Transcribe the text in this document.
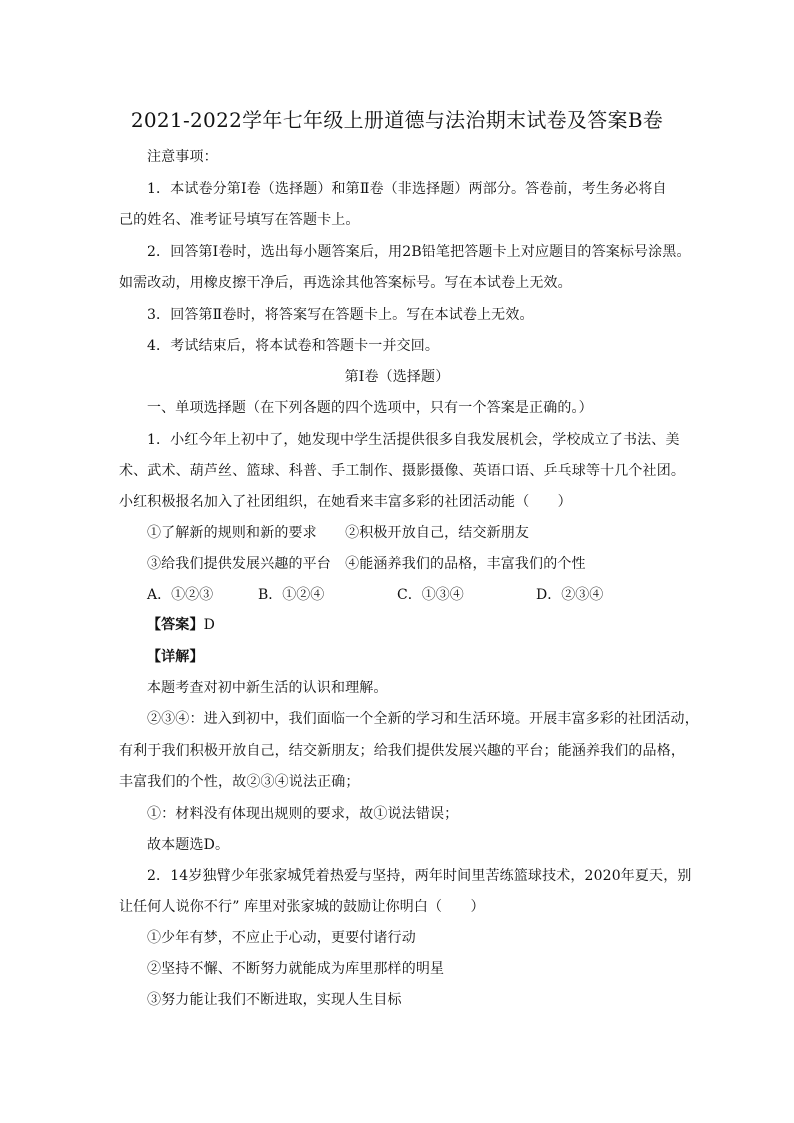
2021-2022学年七年级上册道德与法治期末试卷及答案B卷
注意事项：
1．本试卷分第Ⅰ卷（选择题）和第Ⅱ卷（非选择题）两部分。答卷前，考生务必将自
己的姓名、准考证号填写在答题卡上。
2．回答第Ⅰ卷时，选出每小题答案后，用2B铅笔把答题卡上对应题目的答案标号涂黑。
如需改动，用橡皮擦干净后，再选涂其他答案标号。写在本试卷上无效。
3．回答第Ⅱ卷时，将答案写在答题卡上。写在本试卷上无效。
4．考试结束后，将本试卷和答题卡一并交回。
第Ⅰ卷（选择题）
一、单项选择题（在下列各题的四个选项中，只有一个答案是正确的。）
1．小红今年上初中了，她发现中学生活提供很多自我发展机会，学校成立了书法、美
术、武术、葫芦丝、篮球、科普、手工制作、摄影摄像、英语口语、乒乓球等十几个社团。
小红积极报名加入了社团组织，在她看来丰富多彩的社团活动能（　　）
①了解新的规则和新的要求　　②积极开放自己，结交新朋友
③给我们提供发展兴趣的平台　④能涵养我们的品格，丰富我们的个性
A．①②③	B．①②④	C．①③④	D．②③④
【答案】D
【详解】
本题考查对初中新生活的认识和理解。
②③④：进入到初中，我们面临一个全新的学习和生活环境。开展丰富多彩的社团活动，
有利于我们积极开放自己，结交新朋友；给我们提供发展兴趣的平台；能涵养我们的品格，
丰富我们的个性，故②③④说法正确；
①：材料没有体现出规则的要求，故①说法错误；
故本题选D。
2．14岁独臂少年张家城凭着热爱与坚持，两年时间里苦练篮球技术，2020年夏天，别
让任何人说你不行” 库里对张家城的鼓励让你明白（　　）
①少年有梦，不应止于心动，更要付诸行动
②坚持不懈、不断努力就能成为库里那样的明星
③努力能让我们不断进取，实现人生目标
